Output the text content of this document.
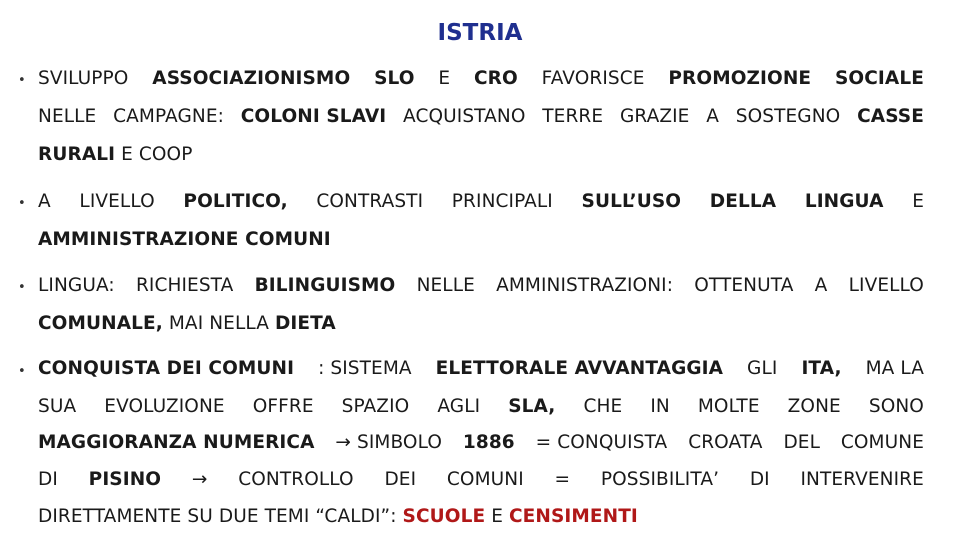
ISTRIA
• SVILUPPO ASSOCIAZIONISMO SLO E CRO FAVORISCE PROMOZIONE SOCIALE
NELLE CAMPAGNE: COLONI SLAVI ACQUISTANO TERRE GRAZIE A SOSTEGNO CASSE
RURALI
E COOP
• A LIVELLO POLITICO, CONTRASTI PRINCIPALI SULL’USO DELLA LINGUA E
AMMINISTRAZIONE COMUNI
• LINGUA: RICHIESTA BILINGUISMO NELLE AMMINISTRAZIONI: OTTENUTA A LIVELLO
COMUNALE,
MAI NELLA
DIETA
• CONQUISTA DEI COMUNI : SISTEMA ELETTORALE AVVANTAGGIA GLI ITA, MA LA
SUA EVOLUZIONE OFFRE SPAZIO AGLI SLA, CHE IN MOLTE ZONE SONO
MAGGIORANZA NUMERICA → SIMBOLO 1886 = CONQUISTA CROATA DEL COMUNE
DI PISINO → CONTROLLO DEI COMUNI = POSSIBILITA’ DI INTERVENIRE
DIRETTAMENTE SU DUE TEMI “CALDI”:
SCUOLE
E
CENSIMENTI
